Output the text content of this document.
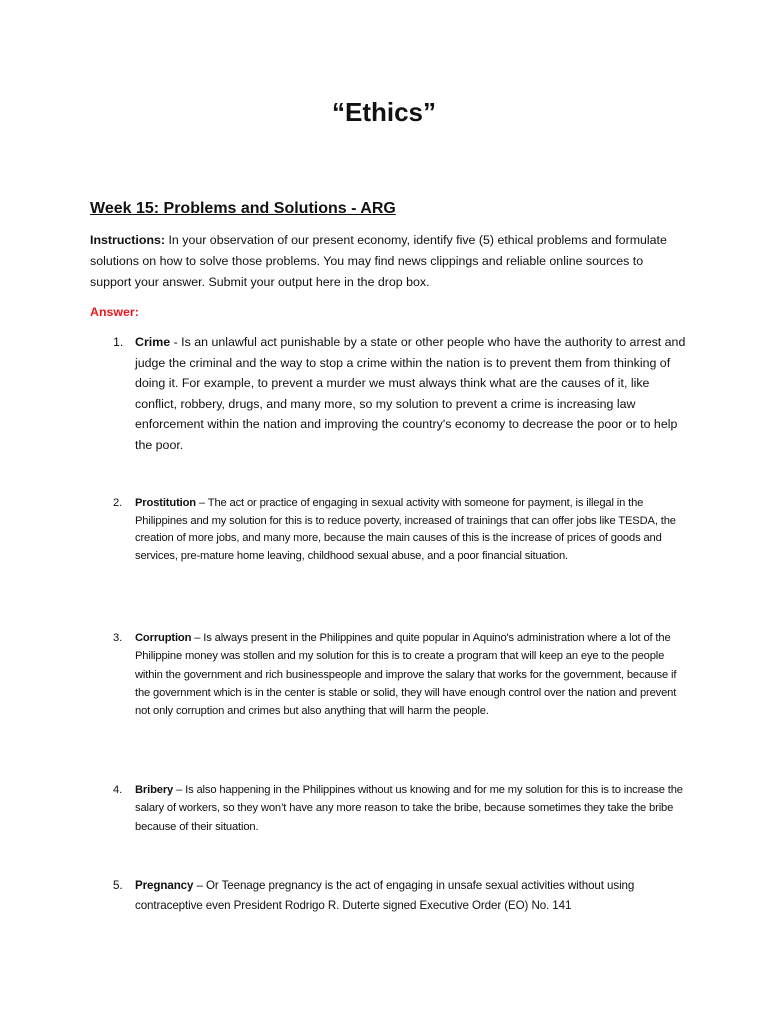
“Ethics”
Week 15: Problems and Solutions - ARG

Instructions: In your observation of our present economy, identify five (5) ethical problems and formulate solutions on how to solve those problems. You may find news clippings and reliable online sources to support your answer. Submit your output here in the drop box.

Answer:

1. Crime - Is an unlawful act punishable by a state or other people who have the authority to arrest and judge the criminal and the way to stop a crime within the nation is to prevent them from thinking of doing it. For example, to prevent a murder we must always think what are the causes of it, like conflict, robbery, drugs, and many more, so my solution to prevent a crime is increasing law enforcement within the nation and improving the country's economy to decrease the poor or to help the poor.
2. Prostitution – The act or practice of engaging in sexual activity with someone for payment, is illegal in the Philippines and my solution for this is to reduce poverty, increased of trainings that can offer jobs like TESDA, the creation of more jobs, and many more, because the main causes of this is the increase of prices of goods and services, pre-mature home leaving, childhood sexual abuse, and a poor financial situation.
3. Corruption – Is always present in the Philippines and quite popular in Aquino's administration where a lot of the Philippine money was stollen and my solution for this is to create a program that will keep an eye to the people within the government and rich businesspeople and improve the salary that works for the government, because if the government which is in the center is stable or solid, they will have enough control over the nation and prevent not only corruption and crimes but also anything that will harm the people.
4. Bribery – Is also happening in the Philippines without us knowing and for me my solution for this is to increase the salary of workers, so they won’t have any more reason to take the bribe, because sometimes they take the bribe because of their situation.
5. Pregnancy – Or Teenage pregnancy is the act of engaging in unsafe sexual activities without using contraceptive even President Rodrigo R. Duterte signed Executive Order (EO) No. 141
